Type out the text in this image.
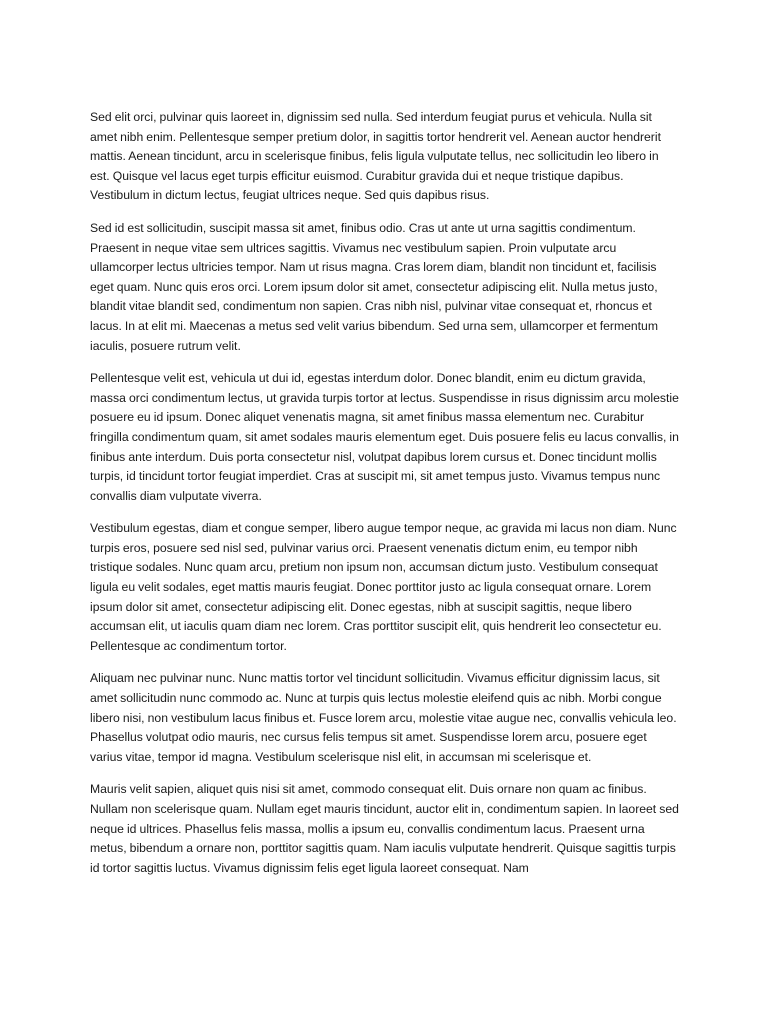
Sed elit orci, pulvinar quis laoreet in, dignissim sed nulla. Sed interdum feugiat purus et vehicula. Nulla sit amet nibh enim. Pellentesque semper pretium dolor, in sagittis tortor hendrerit vel. Aenean auctor hendrerit mattis. Aenean tincidunt, arcu in scelerisque finibus, felis ligula vulputate tellus, nec sollicitudin leo libero in est. Quisque vel lacus eget turpis efficitur euismod. Curabitur gravida dui et neque tristique dapibus. Vestibulum in dictum lectus, feugiat ultrices neque. Sed quis dapibus risus.

Sed id est sollicitudin, suscipit massa sit amet, finibus odio. Cras ut ante ut urna sagittis condimentum. Praesent in neque vitae sem ultrices sagittis. Vivamus nec vestibulum sapien. Proin vulputate arcu ullamcorper lectus ultricies tempor. Nam ut risus magna. Cras lorem diam, blandit non tincidunt et, facilisis eget quam. Nunc quis eros orci. Lorem ipsum dolor sit amet, consectetur adipiscing elit. Nulla metus justo, blandit vitae blandit sed, condimentum non sapien. Cras nibh nisl, pulvinar vitae consequat et, rhoncus et lacus. In at elit mi. Maecenas a metus sed velit varius bibendum. Sed urna sem, ullamcorper et fermentum iaculis, posuere rutrum velit.

Pellentesque velit est, vehicula ut dui id, egestas interdum dolor. Donec blandit, enim eu dictum gravida, massa orci condimentum lectus, ut gravida turpis tortor at lectus. Suspendisse in risus dignissim arcu molestie posuere eu id ipsum. Donec aliquet venenatis magna, sit amet finibus massa elementum nec. Curabitur fringilla condimentum quam, sit amet sodales mauris elementum eget. Duis posuere felis eu lacus convallis, in finibus ante interdum. Duis porta consectetur nisl, volutpat dapibus lorem cursus et. Donec tincidunt mollis turpis, id tincidunt tortor feugiat imperdiet. Cras at suscipit mi, sit amet tempus justo. Vivamus tempus nunc convallis diam vulputate viverra.

Vestibulum egestas, diam et congue semper, libero augue tempor neque, ac gravida mi lacus non diam. Nunc turpis eros, posuere sed nisl sed, pulvinar varius orci. Praesent venenatis dictum enim, eu tempor nibh tristique sodales. Nunc quam arcu, pretium non ipsum non, accumsan dictum justo. Vestibulum consequat ligula eu velit sodales, eget mattis mauris feugiat. Donec porttitor justo ac ligula consequat ornare. Lorem ipsum dolor sit amet, consectetur adipiscing elit. Donec egestas, nibh at suscipit sagittis, neque libero accumsan elit, ut iaculis quam diam nec lorem. Cras porttitor suscipit elit, quis hendrerit leo consectetur eu. Pellentesque ac condimentum tortor.

Aliquam nec pulvinar nunc. Nunc mattis tortor vel tincidunt sollicitudin. Vivamus efficitur dignissim lacus, sit amet sollicitudin nunc commodo ac. Nunc at turpis quis lectus molestie eleifend quis ac nibh. Morbi congue libero nisi, non vestibulum lacus finibus et. Fusce lorem arcu, molestie vitae augue nec, convallis vehicula leo. Phasellus volutpat odio mauris, nec cursus felis tempus sit amet. Suspendisse lorem arcu, posuere eget varius vitae, tempor id magna. Vestibulum scelerisque nisl elit, in accumsan mi scelerisque et.

Mauris velit sapien, aliquet quis nisi sit amet, commodo consequat elit. Duis ornare non quam ac finibus. Nullam non scelerisque quam. Nullam eget mauris tincidunt, auctor elit in, condimentum sapien. In laoreet sed neque id ultrices. Phasellus felis massa, mollis a ipsum eu, convallis condimentum lacus. Praesent urna metus, bibendum a ornare non, porttitor sagittis quam. Nam iaculis vulputate hendrerit. Quisque sagittis turpis id tortor sagittis luctus. Vivamus dignissim felis eget ligula laoreet consequat. Nam
